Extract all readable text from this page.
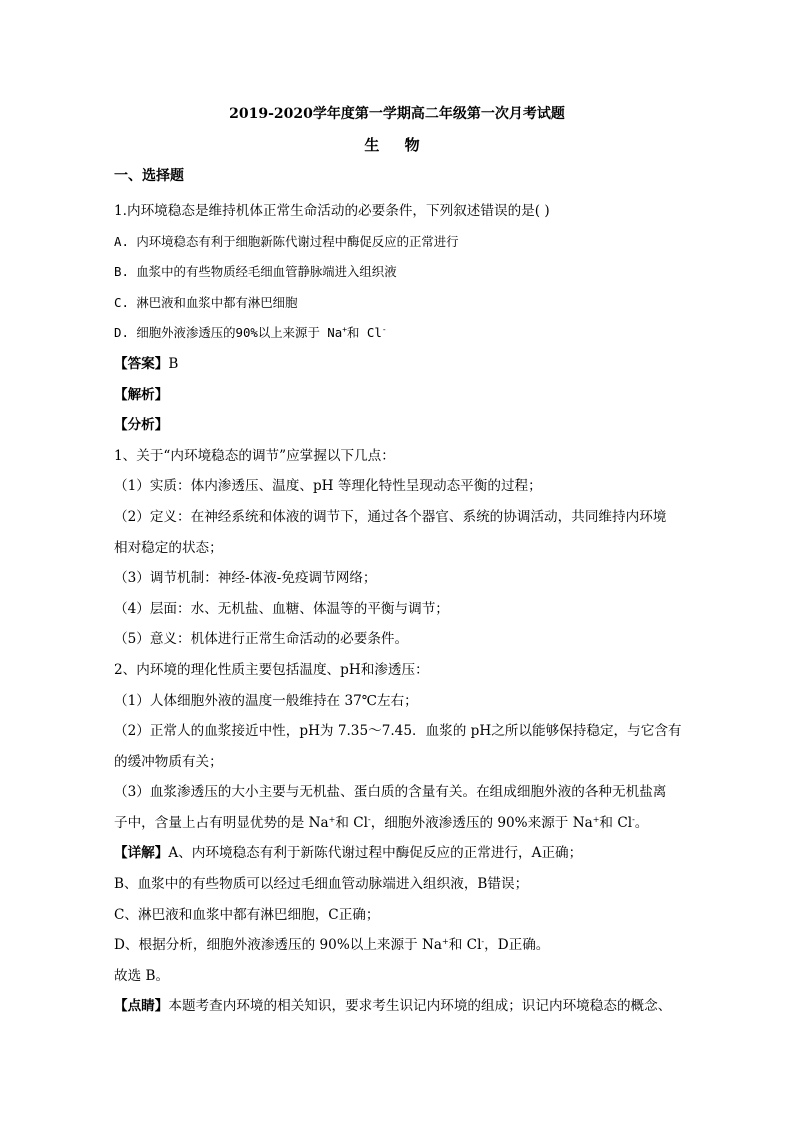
2019-2020学年度第一学期高二年级第一次月考试题
生 物
一、选择题
1.内环境稳态是维持机体正常生命活动的必要条件，下列叙述错误的是( )
A. 内环境稳态有利于细胞新陈代谢过程中酶促反应的正常进行
B. 血浆中的有些物质经毛细血管静脉端进入组织液
C. 淋巴液和血浆中都有淋巴细胞
D. 细胞外液渗透压的90%以上来源于 Na+和 Cl-
【答案】B
【解析】
【分析】
1、关于“内环境稳态的调节”应掌握以下几点：
（1）实质：体内渗透压、温度、pH 等理化特性呈现动态平衡的过程；
（2）定义：在神经系统和体液的调节下，通过各个器官、系统的协调活动，共同维持内环境
相对稳定的状态；
（3）调节机制：神经-体液-免疫调节网络；
（4）层面：水、无机盐、血糖、体温等的平衡与调节；
（5）意义：机体进行正常生命活动的必要条件。
2、内环境的理化性质主要包括温度、pH和渗透压：
（1）人体细胞外液的温度一般维持在 37℃左右；
（2）正常人的血浆接近中性，pH为 7.35～7.45．血浆的 pH之所以能够保持稳定，与它含有
的缓冲物质有关；
（3）血浆渗透压的大小主要与无机盐、蛋白质的含量有关。在组成细胞外液的各种无机盐离
子中，含量上占有明显优势的是 Na+和 Cl-，细胞外液渗透压的 90%来源于 Na+和 Cl-。
【详解】A、内环境稳态有利于新陈代谢过程中酶促反应的正常进行，A正确；
B、血浆中的有些物质可以经过毛细血管动脉端进入组织液，B错误；
C、淋巴液和血浆中都有淋巴细胞，C正确；
D、根据分析，细胞外液渗透压的 90%以上来源于 Na+和 Cl-，D正确。
故选 B。
【点睛】本题考查内环境的相关知识，要求考生识记内环境的组成；识记内环境稳态的概念、
